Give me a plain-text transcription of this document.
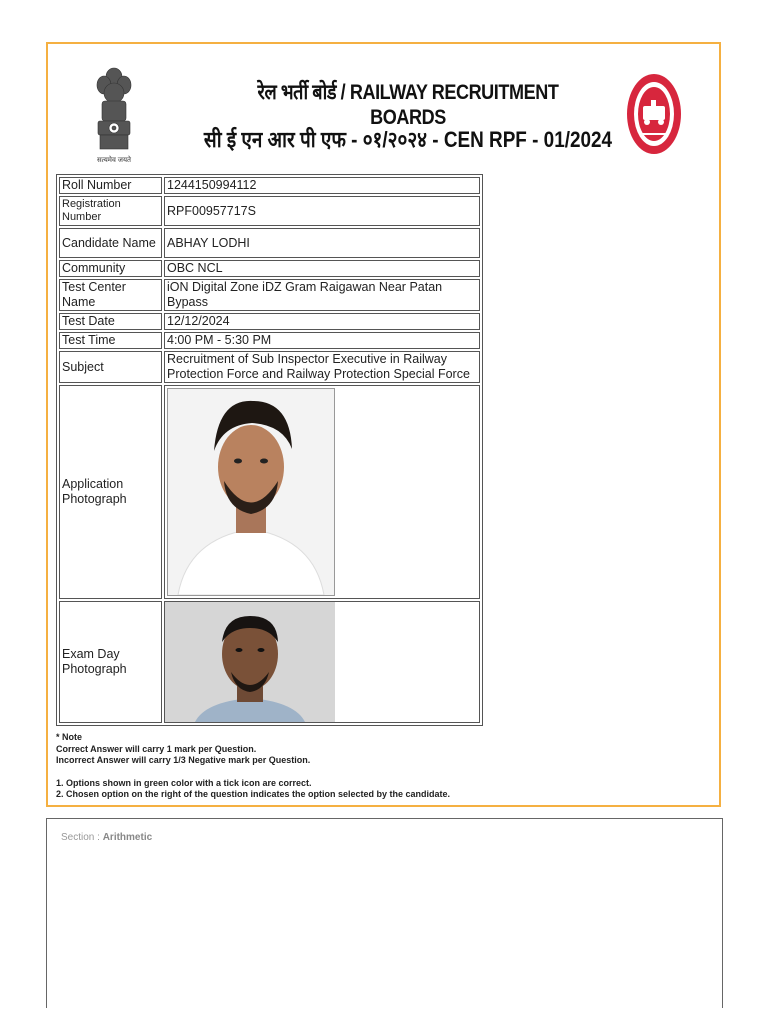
सत्यमेव जयते
रेल भर्ती बोर्ड / RAILWAY RECRUITMENT BOARDS
सी ई एन आर पी एफ - ०१/२०२४ - CEN RPF - 01/2024
Roll Number	1244150994112
Registration Number	RPF00957717S
Candidate Name	ABHAY LODHI
Community	OBC NCL
Test Center Name	iON Digital Zone iDZ Gram Raigawan Near Patan Bypass
Test Date	12/12/2024
Test Time	4:00 PM - 5:30 PM
Subject	Recruitment of Sub Inspector Executive in Railway Protection Force and Railway Protection Special Force
Application Photograph	

Exam Day Photograph	
* Note
Correct Answer will carry 1 mark per Question.
Incorrect Answer will carry 1/3 Negative mark per Question.
1. Options shown in green color with a tick icon are correct.
2. Chosen option on the right of the question indicates the option selected by the candidate.
Section : Arithmetic
